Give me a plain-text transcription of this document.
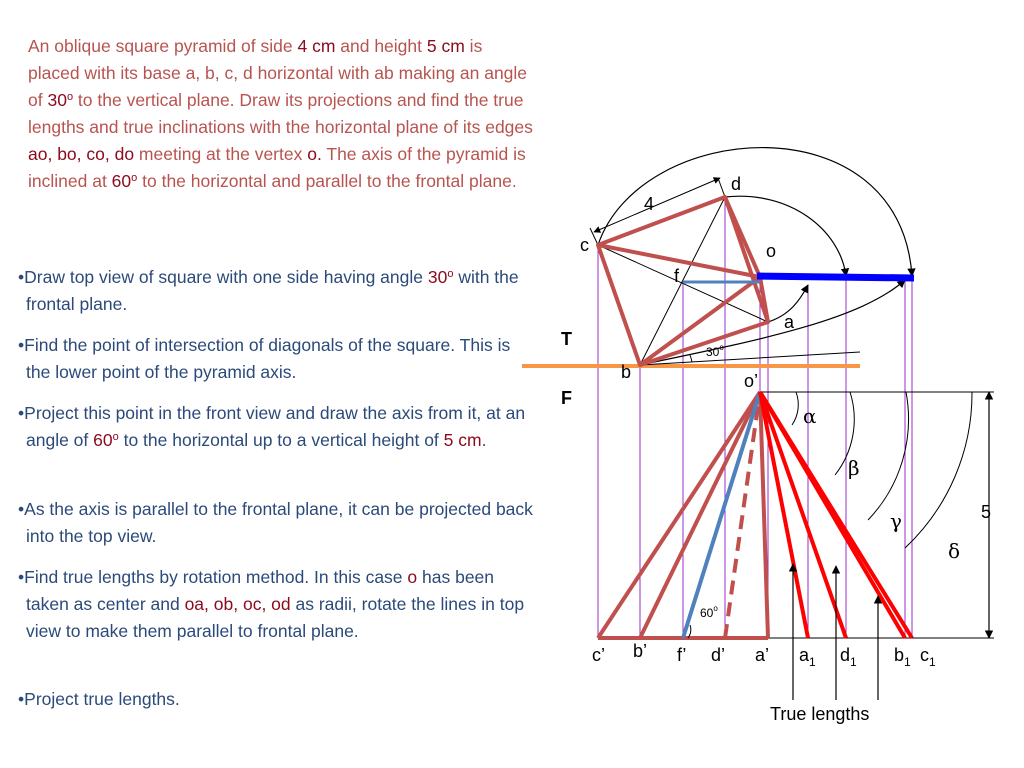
An oblique square pyramid of side 4 cm and height 5 cm is placed with its base a, b, c, d horizontal with ab making an angle of 30$^o$ to the vertical plane. Draw its projections and find the true lengths and true inclinations with the horizontal plane of its edges ao, bo, co, do meeting at the vertex o. The axis of the pyramid is inclined at 60$^o$ to the horizontal and parallel to the frontal plane.
•Draw top view of square with one side having angle 30$^o$ with the frontal plane.
•Find the point of intersection of diagonals of the square. This is the lower point of the pyramid axis.
•Project this point in the front view and draw the axis from it, at an angle of 60$^o$ to the horizontal up to a vertical height of 5 cm.
•As the axis is parallel to the frontal plane, it can be projected back into the top view.
•Find true lengths by rotation method. In this case o has been taken as center and oa, ob, oc, od as radii, rotate the lines in top view to make them parallel to frontal plane.
•Project true lengths.
c
d
o
f
a
b
4
30$^o$
T
F
o’
c’ b’ f’ d’ a’ $a_1$ $d_1$ $b_1$ $c_1$
60$^o$
α
β
γ
δ
5
True lengths
